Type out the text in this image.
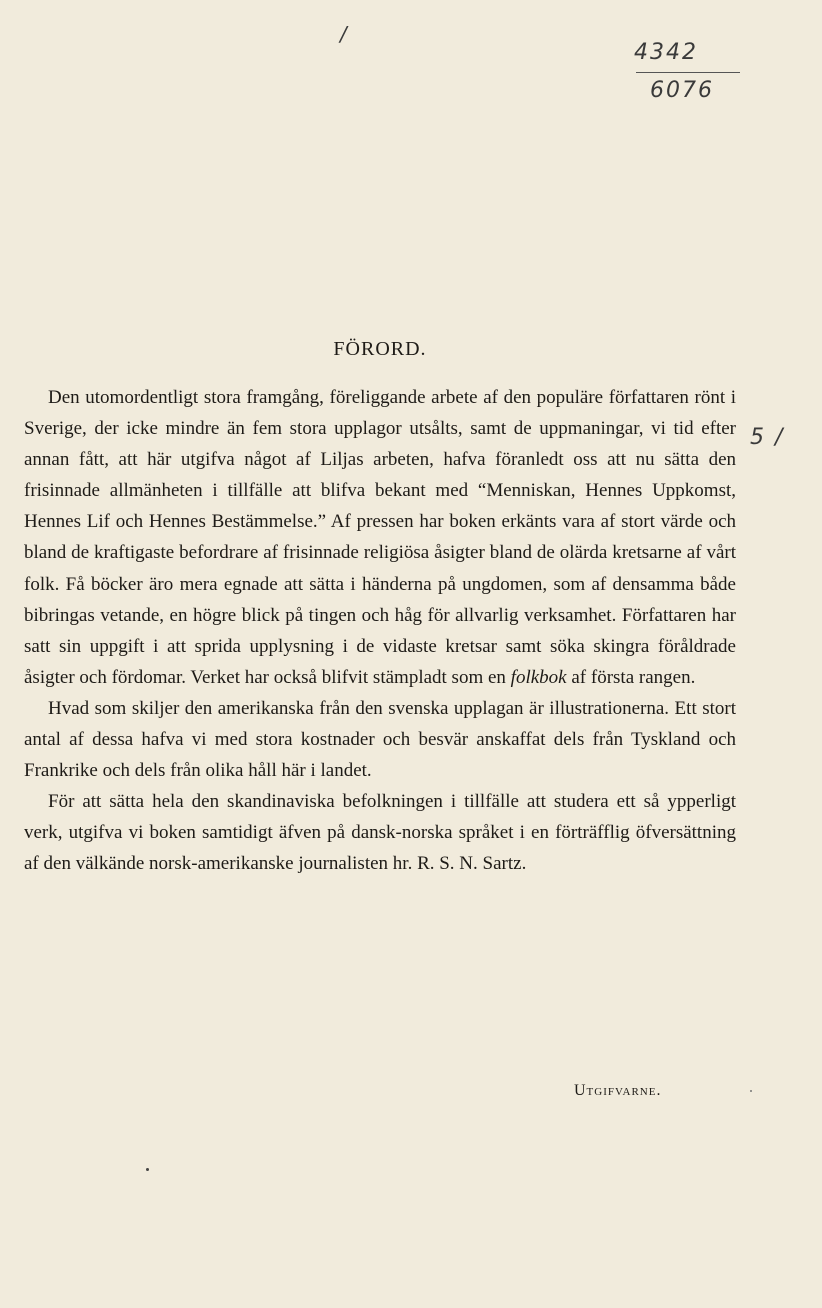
/
4342
6076
5 /
FÖRORD.

Den utomordentligt stora framgång, föreliggande arbete af den populäre författaren rönt i Sverige, der icke mindre än fem stora upplagor utsålts, samt de uppmaningar, vi tid efter annan fått, att här utgifva något af Liljas arbeten, hafva föranledt oss att nu sätta den frisinnade allmänheten i tillfälle att blifva bekant med “Menniskan, Hennes Uppkomst, Hennes Lif och Hennes Bestämmelse.” Af pressen har boken erkänts vara af stort värde och bland de kraftigaste befordrare af frisinnade religiösa åsigter bland de olärda kretsarne af vårt folk. Få böcker äro mera egnade att sätta i händerna på ungdomen, som af densamma både bibringas vetande, en högre blick på tingen och håg för allvarlig verksamhet. Författaren har satt sin uppgift i att sprida upplysning i de vidaste kretsar samt söka skingra föråldrade åsigter och fördomar. Verket har också blifvit stämpladt som en folkbok af första rangen.

Hvad som skiljer den amerikanska från den svenska upplagan är illustrationerna. Ett stort antal af dessa hafva vi med stora kostnader och besvär anskaffat dels från Tyskland och Frankrike och dels från olika håll här i landet.

För att sätta hela den skandinaviska befolkningen i tillfälle att studera ett så ypperligt verk, utgifva vi boken samtidigt äfven på dansk-norska språket i en förträfflig öfversättning af den välkände norsk-amerikanske journalisten hr. R. S. N. Sartz.

Utgifvarne.
